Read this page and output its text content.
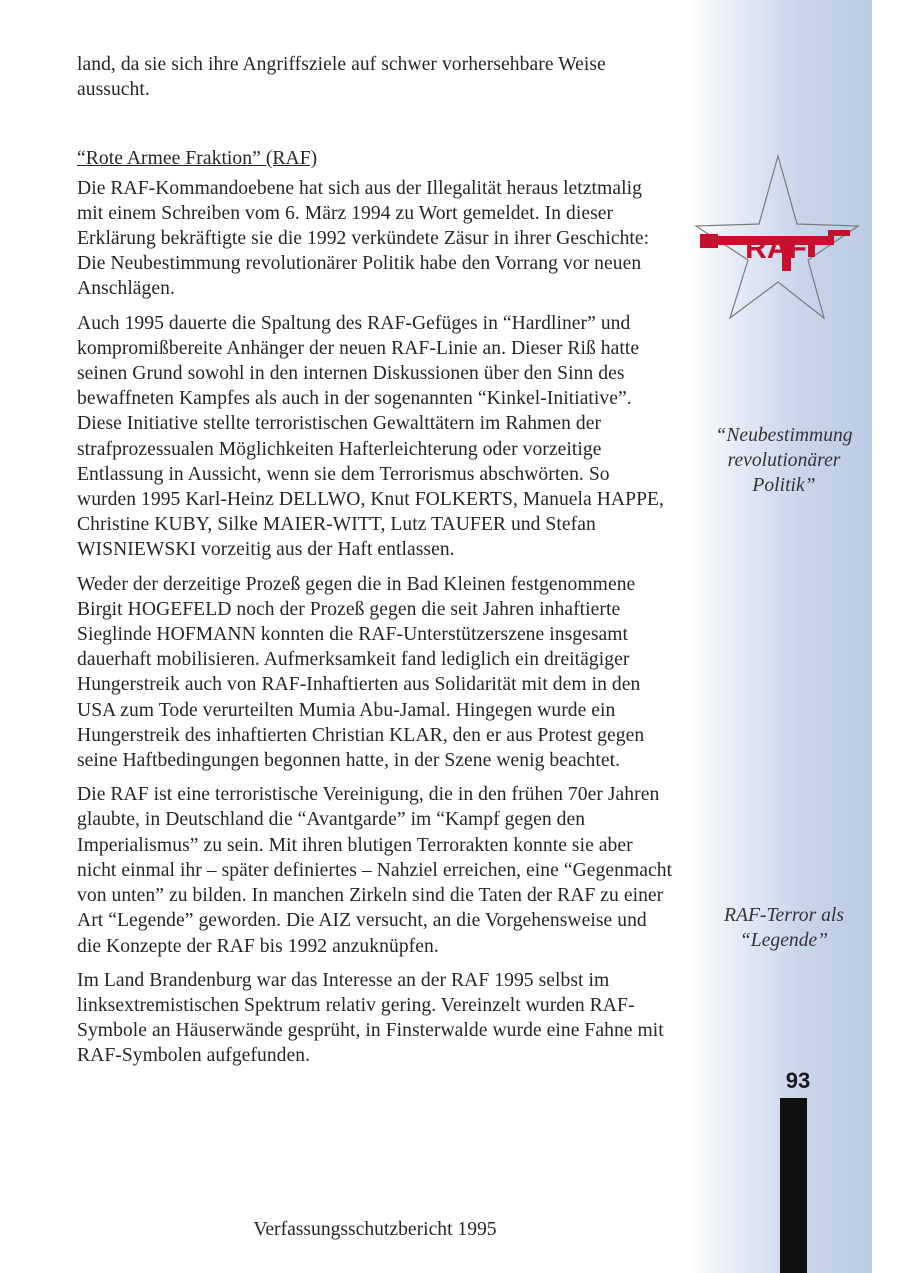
land, da sie sich ihre Angriffsziele auf schwer vorhersehbare Weise aussucht.

“Rote Armee Fraktion” (RAF)

Die RAF-Kommandoebene hat sich aus der Illegalität heraus letztmalig mit einem Schreiben vom 6. März 1994 zu Wort gemeldet. In dieser Erklärung bekräftigte sie die 1992 verkündete Zäsur in ihrer Geschichte: Die Neubestimmung revolutionärer Politik habe den Vorrang vor neuen Anschlägen.

Auch 1995 dauerte die Spaltung des RAF-Gefüges in “Hardliner” und kompromißbereite Anhänger der neuen RAF-Linie an. Dieser Riß hatte seinen Grund sowohl in den internen Diskussionen über den Sinn des bewaffneten Kampfes als auch in der sogenannten “Kinkel-Initiative”. Diese Initiative stellte terroristischen Gewalttätern im Rahmen der strafprozessualen Möglichkeiten Hafterleichterung oder vorzeitige Entlassung in Aussicht, wenn sie dem Terrorismus abschwörten. So wurden 1995 Karl-Heinz DELLWO, Knut FOLKERTS, Manuela HAPPE, Christine KUBY, Silke MAIER-WITT, Lutz TAUFER und Stefan WISNIEWSKI vorzeitig aus der Haft entlassen.

Weder der derzeitige Prozeß gegen die in Bad Kleinen festgenommene Birgit HOGEFELD noch der Prozeß gegen die seit Jahren inhaftierte Sieglinde HOFMANN konnten die RAF-Unterstützerszene insgesamt dauerhaft mobilisieren. Aufmerksamkeit fand lediglich ein dreitägiger Hungerstreik auch von RAF-Inhaftierten aus Solidarität mit dem in den USA zum Tode verurteilten Mumia Abu-Jamal. Hingegen wurde ein Hungerstreik des inhaftierten Christian KLAR, den er aus Protest gegen seine Haftbedingungen begonnen hatte, in der Szene wenig beachtet.

Die RAF ist eine terroristische Vereinigung, die in den frühen 70er Jahren glaubte, in Deutschland die “Avantgarde” im “Kampf gegen den Imperialismus” zu sein. Mit ihren blutigen Terrorakten konnte sie aber nicht einmal ihr – später definiertes – Nahziel erreichen, eine “Gegenmacht von unten” zu bilden. In manchen Zirkeln sind die Taten der RAF zu einer Art “Legende” geworden. Die AIZ versucht, an die Vorgehensweise und die Konzepte der RAF bis 1992 anzuknüpfen.

Im Land Brandenburg war das Interesse an der RAF 1995 selbst im linksextremistischen Spektrum relativ gering. Vereinzelt wurden RAF-Symbole an Häuserwände gesprüht, in Finsterwalde wurde eine Fahne mit RAF-Symbolen aufgefunden.

RAF
“Neubestimmung revolutionärer Politik”
RAF-Terror als “Legende”
93
Verfassungsschutzbericht 1995
